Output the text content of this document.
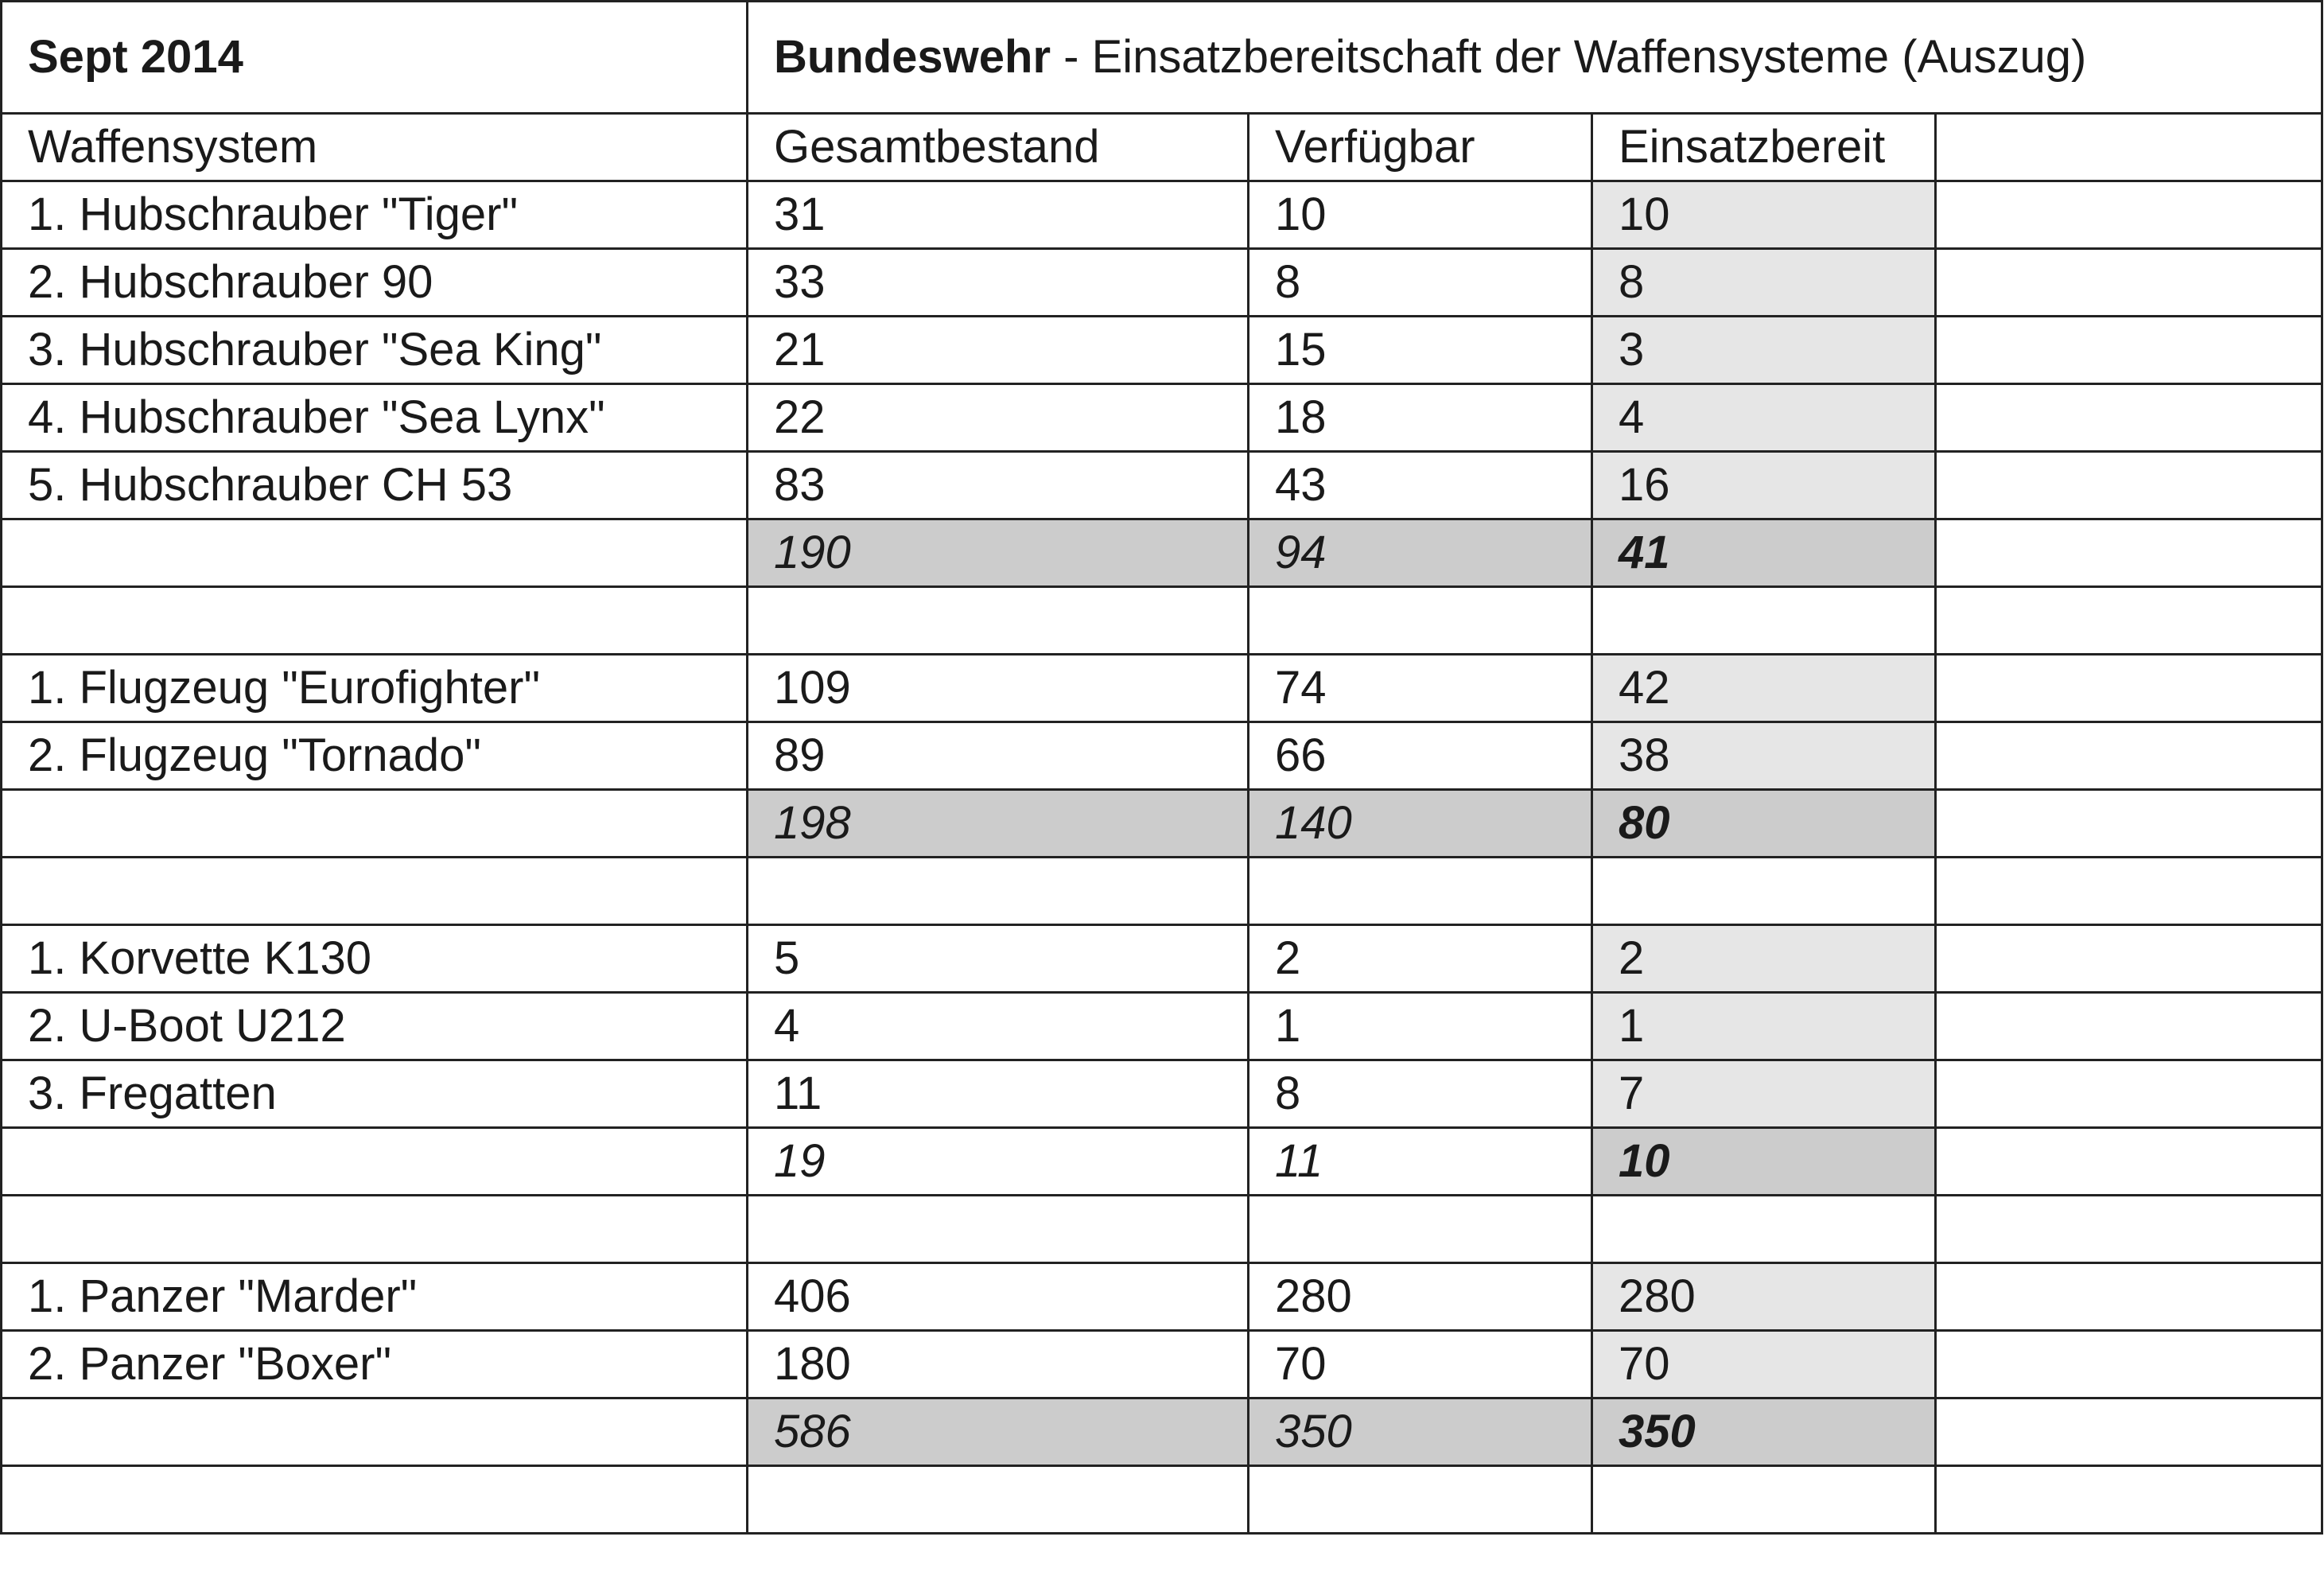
Sept 2014	Bundeswehr - Einsatzbereitschaft der Waffensysteme (Auszug)			
Waffensystem	Gesamtbestand	Verfügbar	Einsatzbereit	
1. Hubschrauber "Tiger"	31	10	10	
2. Hubschrauber 90	33	8	8	
3. Hubschrauber "Sea King"	21	15	3	
4. Hubschrauber "Sea Lynx"	22	18	4	
5. Hubschrauber CH 53	83	43	16	
	190	94	41	

1. Flugzeug "Eurofighter"	109	74	42	
2. Flugzeug "Tornado"	89	66	38	
	198	140	80	

1. Korvette K130	5	2	2	
2. U-Boot U212	4	1	1	
3. Fregatten	11	8	7	
	19	11	10	

1. Panzer "Marder"	406	280	280	
2. Panzer "Boxer"	180	70	70	
	586	350	350	
